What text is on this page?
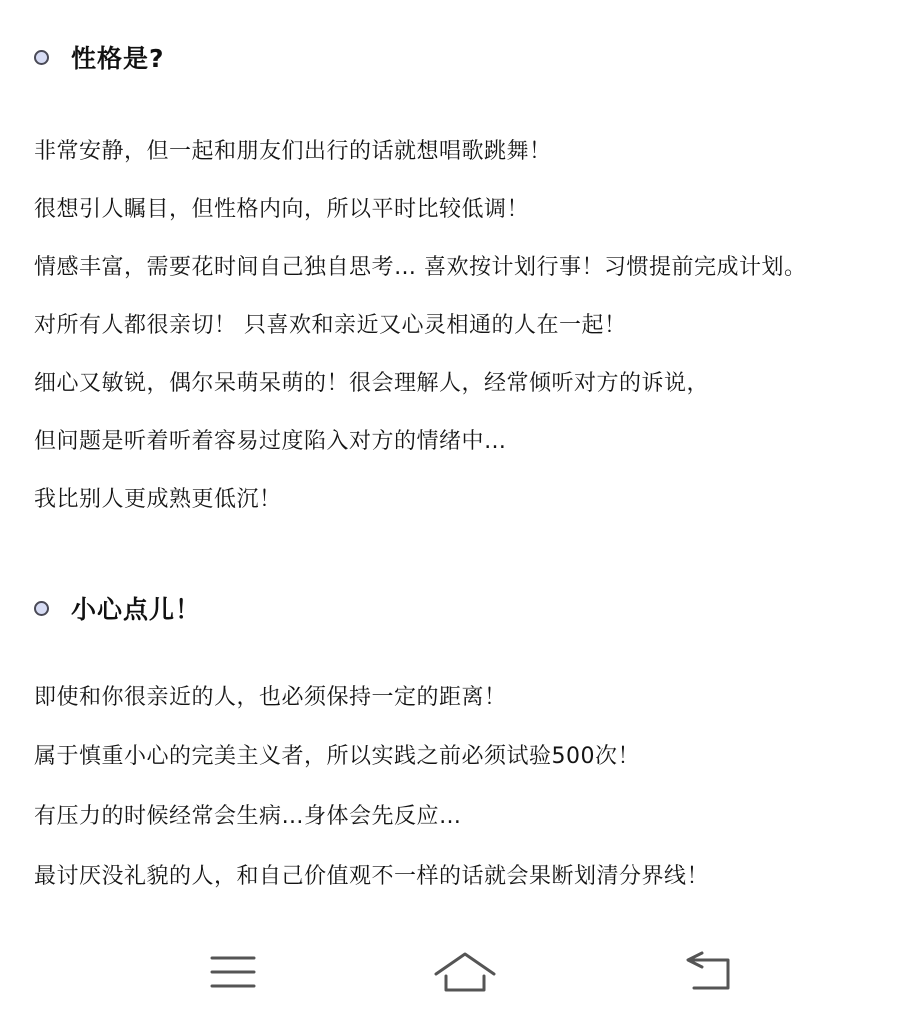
性格是?
非常安静，但一起和朋友们出行的话就想唱歌跳舞！
很想引人瞩目，但性格内向，所以平时比较低调！
情感丰富，需要花时间自己独自思考… 喜欢按计划行事！习惯提前完成计划。
对所有人都很亲切！ 只喜欢和亲近又心灵相通的人在一起！
细心又敏锐，偶尔呆萌呆萌的！很会理解人，经常倾听对方的诉说，
但问题是听着听着容易过度陷入对方的情绪中…
我比别人更成熟更低沉！
小心点儿！
即使和你很亲近的人，也必须保持一定的距离！
属于慎重小心的完美主义者，所以实践之前必须试验500次！
有压力的时候经常会生病…身体会先反应…
最讨厌没礼貌的人，和自己价值观不一样的话就会果断划清分界线！
